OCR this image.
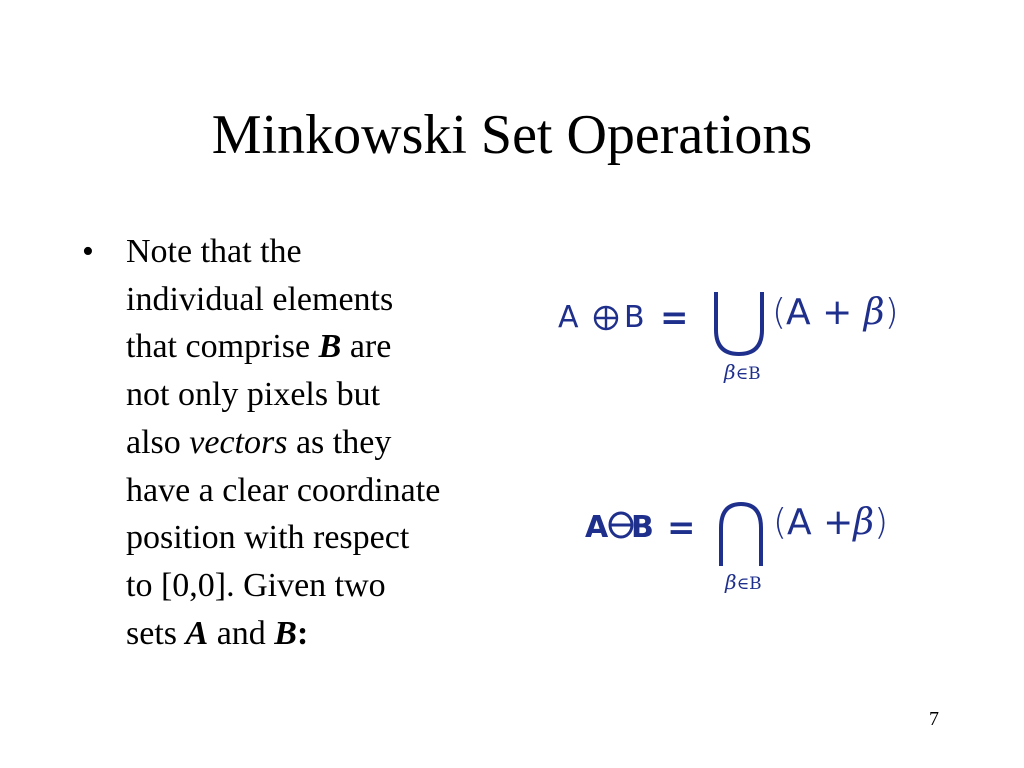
Minkowski Set Operations
• Note that the
individual elements
that comprise B are
not only pixels but
also vectors as they
have a clear coordinate
position with respect
to [0,0]. Given two
sets A and B:
A B =
β∈B
(A + β)
A B =
β∈B
(A +β)
7
